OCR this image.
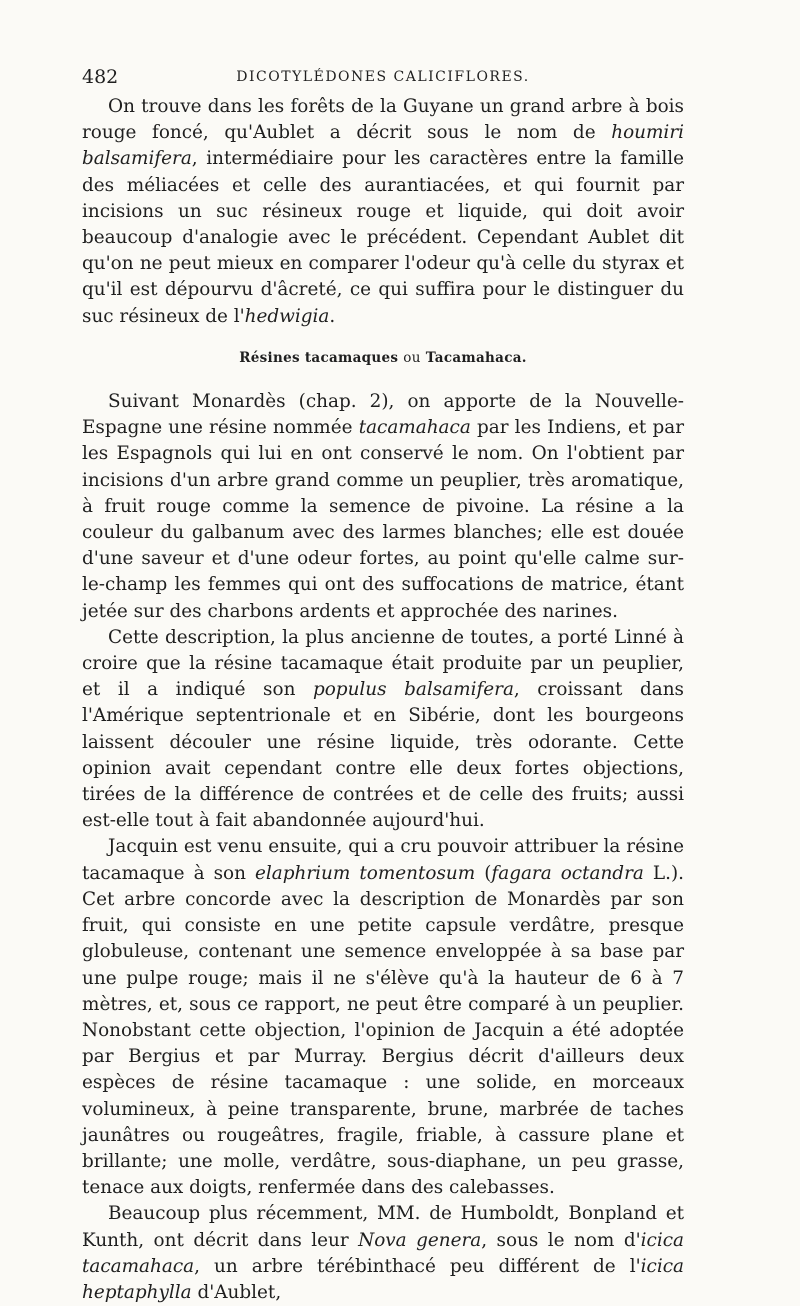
482	DICOTYLÉDONES CALICIFLORES.

On trouve dans les forêts de la Guyane un grand arbre à bois rouge foncé, qu'Aublet a décrit sous le nom de houmiri balsamifera, intermédiaire pour les caractères entre la famille des méliacées et celle des aurantiacées, et qui fournit par incisions un suc résineux rouge et liquide, qui doit avoir beaucoup d'analogie avec le précédent. Cependant Aublet dit qu'on ne peut mieux en comparer l'odeur qu'à celle du styrax et qu'il est dépourvu d'âcreté, ce qui suffira pour le distinguer du suc résineux de l'hedwigia.

Résines tacamaques ou Tacamahaca.

Suivant Monardès (chap. 2), on apporte de la Nouvelle-Espagne une résine nommée tacamahaca par les Indiens, et par les Espagnols qui lui en ont conservé le nom. On l'obtient par incisions d'un arbre grand comme un peuplier, très aromatique, à fruit rouge comme la semence de pivoine. La résine a la couleur du galbanum avec des larmes blanches; elle est douée d'une saveur et d'une odeur fortes, au point qu'elle calme sur-le-champ les femmes qui ont des suffocations de matrice, étant jetée sur des charbons ardents et approchée des narines.

Cette description, la plus ancienne de toutes, a porté Linné à croire que la résine tacamaque était produite par un peuplier, et il a indiqué son populus balsamifera, croissant dans l'Amérique septentrionale et en Sibérie, dont les bourgeons laissent découler une résine liquide, très odorante. Cette opinion avait cependant contre elle deux fortes objections, tirées de la différence de contrées et de celle des fruits; aussi est-elle tout à fait abandonnée aujourd'hui.

Jacquin est venu ensuite, qui a cru pouvoir attribuer la résine tacamaque à son elaphrium tomentosum (fagara octandra L.). Cet arbre concorde avec la description de Monardès par son fruit, qui consiste en une petite capsule verdâtre, presque globuleuse, contenant une semence enveloppée à sa base par une pulpe rouge; mais il ne s'élève qu'à la hauteur de 6 à 7 mètres, et, sous ce rapport, ne peut être comparé à un peuplier. Nonobstant cette objection, l'opinion de Jacquin a été adoptée par Bergius et par Murray. Bergius décrit d'ailleurs deux espèces de résine tacamaque : une solide, en morceaux volumineux, à peine transparente, brune, marbrée de taches jaunâtres ou rougeâtres, fragile, friable, à cassure plane et brillante; une molle, verdâtre, sous-diaphane, un peu grasse, tenace aux doigts, renfermée dans des calebasses.

Beaucoup plus récemment, MM. de Humboldt, Bonpland et Kunth, ont décrit dans leur Nova genera, sous le nom d'icica tacamahaca, un arbre térébinthacé peu différent de l'icica heptaphylla d'Aublet,
